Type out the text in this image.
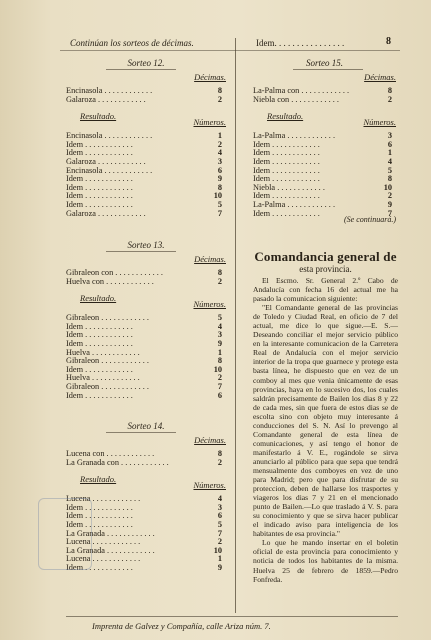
Continúan los sorteos de décimas.	Idem. . . . . . . . . . . . . . . .	8
Sorteo 12.
Décimas.
Encinasola . . . . . . . . . . . .	8
Galaroza . . . . . . . . . . . .	2
Resultado.
Números.
Encinasola . . . . . . . . . . . .	1
Idem . . . . . . . . . . . .	2
Idem . . . . . . . . . . . .	4
Galaroza . . . . . . . . . . . .	3
Encinasola . . . . . . . . . . . .	6
Idem . . . . . . . . . . . .	9
Idem . . . . . . . . . . . .	8
Idem . . . . . . . . . . . .	10
Idem . . . . . . . . . . . .	5
Galaroza . . . . . . . . . . . .	7
Sorteo 13.
Décimas.
Gibraleon con . . . . . . . . . . . .	8
Huelva con . . . . . . . . . . . .	2
Resultado.
Números.
Gibraleon . . . . . . . . . . . .	5
Idem . . . . . . . . . . . .	4
Idem . . . . . . . . . . . .	3
Idem . . . . . . . . . . . .	9
Huelva . . . . . . . . . . . .	1
Gibraleon . . . . . . . . . . . .	8
Idem . . . . . . . . . . . .	10
Huelva . . . . . . . . . . . .	2
Gibraleon . . . . . . . . . . . .	7
Idem . . . . . . . . . . . .	6
Sorteo 14.
Décimas.
Lucena con . . . . . . . . . . . .	8
La Granada con . . . . . . . . . . . .	2
Resultado.
Números.
Lucena . . . . . . . . . . . .	4
Idem . . . . . . . . . . . .	3
Idem . . . . . . . . . . . .	6
Idem . . . . . . . . . . . .	5
La Granada . . . . . . . . . . . .	7
Lucena . . . . . . . . . . . .	2
La Granada . . . . . . . . . . . .	10
Lucena . . . . . . . . . . . .	1
Idem . . . . . . . . . . . .	9
Sorteo 15.
Décimas.
La-Palma con . . . . . . . . . . . .	8
Niebla con . . . . . . . . . . . .	2
Resultado.
Números.
La-Palma . . . . . . . . . . . .	3
Idem . . . . . . . . . . . .	6
Idem . . . . . . . . . . . .	1
Idem . . . . . . . . . . . .	4
Idem . . . . . . . . . . . .	5
Idem . . . . . . . . . . . .	8
Niebla . . . . . . . . . . . .	10
Idem . . . . . . . . . . . .	2
La-Palma . . . . . . . . . . . .	9
Idem . . . . . . . . . . . .	7
(Se continuará.)
Comandancia general de
esta provincia.

El Escmo. Sr. General 2.º Cabo de Andalucía con fecha 16 del actual me ha pasado la comunicacion siguiente:

"El Comandante general de las provincias de Toledo y Ciudad Real, en oficio de 7 del actual, me dice lo que sigue.—E. S.—Deseando conciliar el mejor servicio público en la interesante comunicacion de la Carretera Real de Andalucía con el mejor servicio interior de la tropa que guarnece y protege esta basta línea, he dispuesto que en vez de un comboy al mes que venia únicamente de esas provincias, haya en lo sucesivo dos, los cuales saldrán precisamente de Bailen los dias 8 y 22 de cada mes, sin que fuera de estos dias se de escolta sino con objeto muy interesante á conducciones del S. N. Así lo prevengo al Comandante general de esta línea de comunicaciones, y así tengo el honor de manifestarlo á V. E., rogándole se sirva anunciarlo al público para que sepa que tendrá mensualmente dos comboyes en vez de uno para Madrid; pero que para disfrutar de su proteccion, deben de hallarse los trasportes y viageros los dias 7 y 21 en el mencionado punto de Bailen.—Lo que traslado á V. S. para su conocimiento y que se sirva hacer publicar el indicado aviso para inteligencia de los habitantes de esa provincia."

Lo que he mando insertar en el boletin oficial de esta provincia para conocimiento y noticia de todos los habitantes de la misma. Huelva 25 de febrero de 1859.—Pedro Fonfreda.

Imprenta de Galvez y Compañía, calle Ariza núm. 7.
